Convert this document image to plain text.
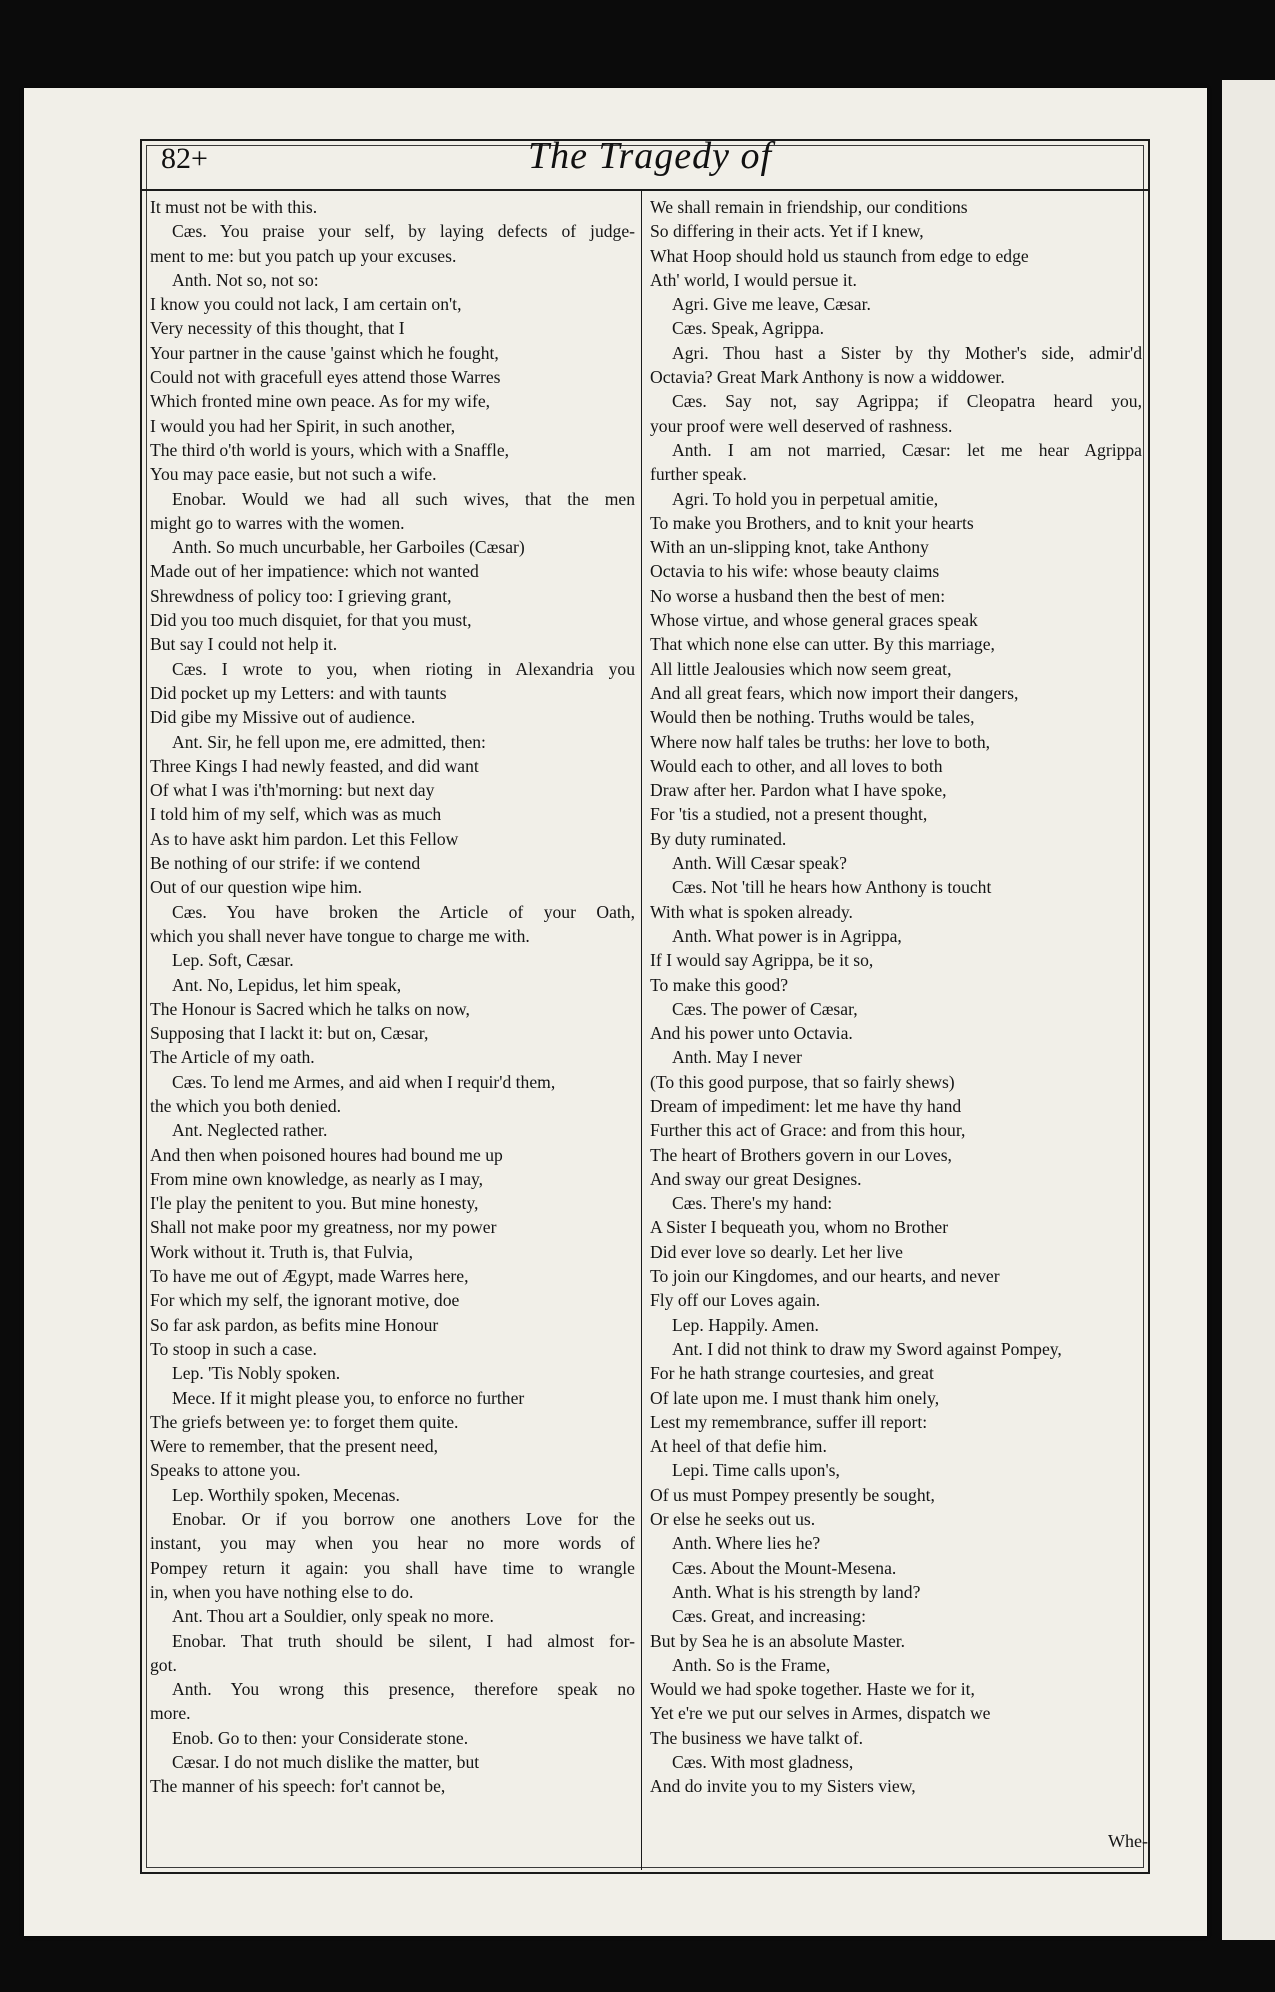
82+	The Tragedy of
It must not be with this.
Cæs. You praise your self, by laying defects of judge-
ment to me: but you patch up your excuses.
Anth. Not so, not so:
I know you could not lack, I am certain on't,
Very necessity of this thought, that I
Your partner in the cause 'gainst which he fought,
Could not with gracefull eyes attend those Warres
Which fronted mine own peace. As for my wife,
I would you had her Spirit, in such another,
The third o'th world is yours, which with a Snaffle,
You may pace easie, but not such a wife.
Enobar. Would we had all such wives, that the men
might go to warres with the women.
Anth. So much uncurbable, her Garboiles (Cæsar)
Made out of her impatience: which not wanted
Shrewdness of policy too: I grieving grant,
Did you too much disquiet, for that you must,
But say I could not help it.
Cæs. I wrote to you, when rioting in Alexandria you
Did pocket up my Letters: and with taunts
Did gibe my Missive out of audience.
Ant. Sir, he fell upon me, ere admitted, then:
Three Kings I had newly feasted, and did want
Of what I was i'th'morning: but next day
I told him of my self, which was as much
As to have askt him pardon. Let this Fellow
Be nothing of our strife: if we contend
Out of our question wipe him.
Cæs. You have broken the Article of your Oath,
which you shall never have tongue to charge me with.
Lep. Soft, Cæsar.
Ant. No, Lepidus, let him speak,
The Honour is Sacred which he talks on now,
Supposing that I lackt it: but on, Cæsar,
The Article of my oath.
Cæs. To lend me Armes, and aid when I requir'd them,
the which you both denied.
Ant. Neglected rather.
And then when poisoned houres had bound me up
From mine own knowledge, as nearly as I may,
I'le play the penitent to you. But mine honesty,
Shall not make poor my greatness, nor my power
Work without it. Truth is, that Fulvia,
To have me out of Ægypt, made Warres here,
For which my self, the ignorant motive, doe
So far ask pardon, as befits mine Honour
To stoop in such a case.
Lep. 'Tis Nobly spoken.
Mece. If it might please you, to enforce no further
The griefs between ye: to forget them quite.
Were to remember, that the present need,
Speaks to attone you.
Lep. Worthily spoken, Mecenas.
Enobar. Or if you borrow one anothers Love for the
instant, you may when you hear no more words of
Pompey return it again: you shall have time to wrangle
in, when you have nothing else to do.
Ant. Thou art a Souldier, only speak no more.
Enobar. That truth should be silent, I had almost for-
got.
Anth. You wrong this presence, therefore speak no
more.
Enob. Go to then: your Considerate stone.
Cæsar. I do not much dislike the matter, but
The manner of his speech: for't cannot be,
We shall remain in friendship, our conditions
So differing in their acts. Yet if I knew,
What Hoop should hold us staunch from edge to edge
Ath' world, I would persue it.
Agri. Give me leave, Cæsar.
Cæs. Speak, Agrippa.
Agri. Thou hast a Sister by thy Mother's side, admir'd
Octavia? Great Mark Anthony is now a widdower.
Cæs. Say not, say Agrippa; if Cleopatra heard you,
your proof were well deserved of rashness.
Anth. I am not married, Cæsar: let me hear Agrippa
further speak.
Agri. To hold you in perpetual amitie,
To make you Brothers, and to knit your hearts
With an un-slipping knot, take Anthony
Octavia to his wife: whose beauty claims
No worse a husband then the best of men:
Whose virtue, and whose general graces speak
That which none else can utter. By this marriage,
All little Jealousies which now seem great,
And all great fears, which now import their dangers,
Would then be nothing. Truths would be tales,
Where now half tales be truths: her love to both,
Would each to other, and all loves to both
Draw after her. Pardon what I have spoke,
For 'tis a studied, not a present thought,
By duty ruminated.
Anth. Will Cæsar speak?
Cæs. Not 'till he hears how Anthony is toucht
With what is spoken already.
Anth. What power is in Agrippa,
If I would say Agrippa, be it so,
To make this good?
Cæs. The power of Cæsar,
And his power unto Octavia.
Anth. May I never
(To this good purpose, that so fairly shews)
Dream of impediment: let me have thy hand
Further this act of Grace: and from this hour,
The heart of Brothers govern in our Loves,
And sway our great Designes.
Cæs. There's my hand:
A Sister I bequeath you, whom no Brother
Did ever love so dearly. Let her live
To join our Kingdomes, and our hearts, and never
Fly off our Loves again.
Lep. Happily. Amen.
Ant. I did not think to draw my Sword against Pompey,
For he hath strange courtesies, and great
Of late upon me. I must thank him onely,
Lest my remembrance, suffer ill report:
At heel of that defie him.
Lepi. Time calls upon's,
Of us must Pompey presently be sought,
Or else he seeks out us.
Anth. Where lies he?
Cæs. About the Mount-Mesena.
Anth. What is his strength by land?
Cæs. Great, and increasing:
But by Sea he is an absolute Master.
Anth. So is the Frame,
Would we had spoke together. Haste we for it,
Yet e're we put our selves in Armes, dispatch we
The business we have talkt of.
Cæs. With most gladness,
And do invite you to my Sisters view,
Whe-
